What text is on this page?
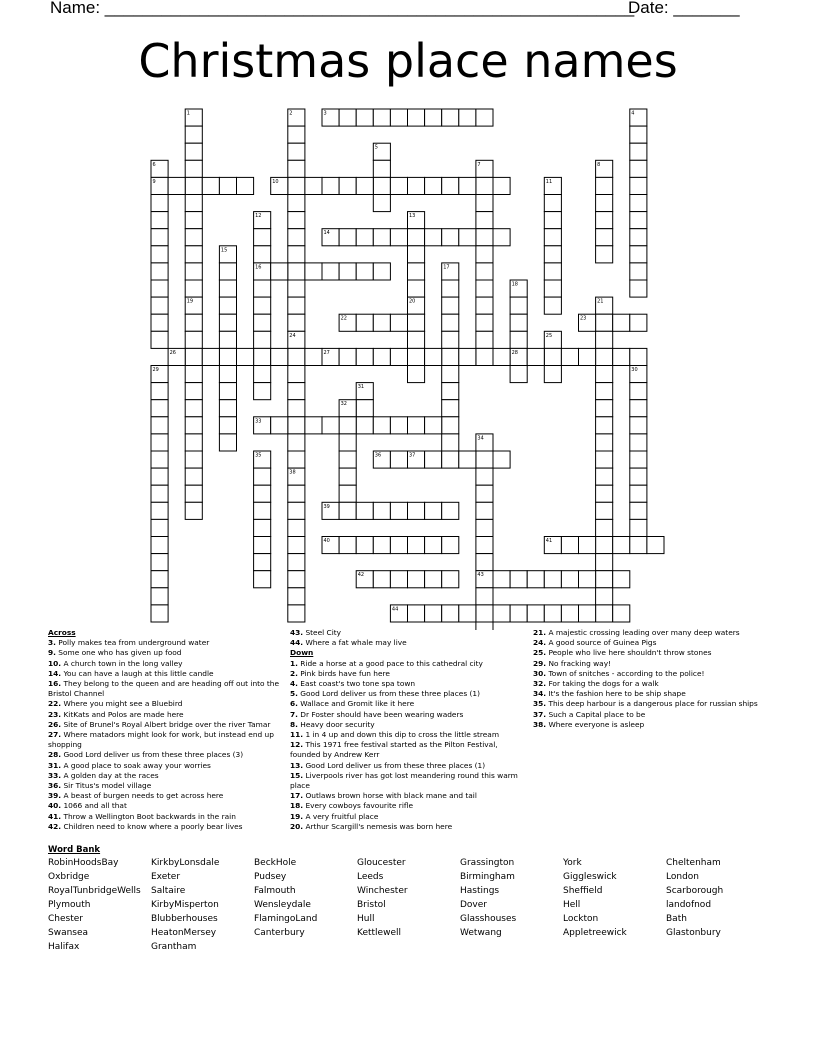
Name: ________________________________________________________
Date: _______
Christmas place names
1	2	3	4
5
6	7	8
9	10	11
12	13
14
15
16	17
18
19	20	21
22	23
24	25
26	27	28
29	30
31
32
33
34
35	36	37
38
39
40	41
42	43
44
Across
3. Polly makes tea from underground water
9. Some one who has given up food
10. A church town in the long valley
14. You can have a laugh at this little candle
16. They belong to the queen and are heading off out into the Bristol Channel
22. Where you might see a Bluebird
23. KitKats and Polos are made here
26. Site of Brunel's Royal Albert bridge over the river Tamar
27. Where matadors might look for work, but instead end up shopping
28. Good Lord deliver us from these three places (3)
31. A good place to soak away your worries
33. A golden day at the races
36. Sir Titus's model village
39. A beast of burgen needs to get across here
40. 1066 and all that
41. Throw a Wellington Boot backwards in the rain
42. Children need to know where a poorly bear lives
43. Steel City
44. Where a fat whale may live
Down
1. Ride a horse at a good pace to this cathedral city
2. Pink birds have fun here
4. East coast's two tone spa town
5. Good Lord deliver us from these three places (1)
6. Wallace and Gromit like it here
7. Dr Foster should have been wearing waders
8. Heavy door security
11. 1 in 4 up and down this dip to cross the little stream
12. This 1971 free festival started as the Pilton Festival, founded by Andrew Kerr
13. Good Lord deliver us from these three places (1)
15. Liverpools river has got lost meandering round this warm place
17. Outlaws brown horse with black mane and tail
18. Every cowboys favourite rifle
19. A very fruitful place
20. Arthur Scargill's nemesis was born here
21. A majestic crossing leading over many deep waters
24. A good source of Guinea Pigs
25. People who live here shouldn't throw stones
29. No fracking way!
30. Town of snitches - according to the police!
32. For taking the dogs for a walk
34. It's the fashion here to be ship shape
35. This deep harbour is a dangerous place for russian ships
37. Such a Capital place to be
38. Where everyone is asleep
Word Bank
RobinHoodsBay	KirkbyLonsdale	BeckHole	Gloucester	Grassington	York	Cheltenham
Oxbridge	Exeter	Pudsey	Leeds	Birmingham	Giggleswick	London
RoyalTunbridgeWells Saltaire	Falmouth	Winchester	Hastings	Sheffield	Scarborough
Plymouth	KirbyMisperton	Wensleydale	Bristol	Dover	Hell	landofnod
Chester	Blubberhouses	FlamingoLand	Hull	Glasshouses	Lockton	Bath
Swansea	HeatonMersey	Canterbury	Kettlewell	Wetwang	Appletreewick	Glastonbury
Halifax	Grantham
